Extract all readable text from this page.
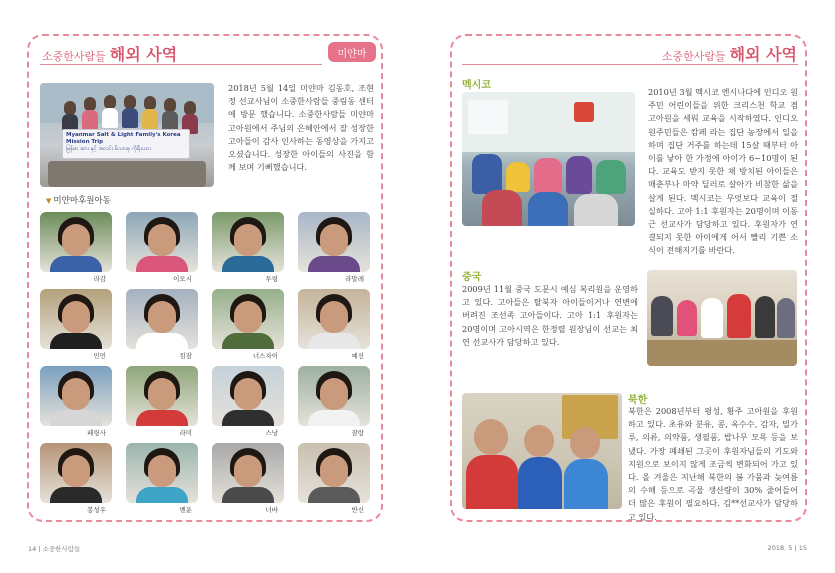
소중한사람들 해외 사역	미얀마
Myanmar Salt & Light Family's Korea Mission Trip
မြန်မာ ဆား နှင့် အလင်း မိသားစု ကိုရီးယား

2018년 5월 14일 미얀마 김동호, 조현정 선교사님이 소중한사람들 중림동 센터에 방문 했습니다. 소중한사람들 미얀마 고아원에서 주님의 은혜안에서 잘 성장한 고아들이 감사 인사하는 동영상을 가지고 오셨습니다. 성장한 아이들의 사진을 함께 보며 기뻐했습니다.

▼ 미얀마후원아동
라감	이모시	투링	라말레
민민	킴잠	너스자이	예선
패링사	라미	스낭	잠랑
봉성우	벤운	너바	반신
14 | 소중한사람들
소중한사람들 해외 사역
멕시코

2010년 3월 멕시코 엔시나다에 인디오 원주민 어린이들을 위한 크리스천 학교 겸 고아원을 세워 교육을 시작하였다. 인디오 원주민들은 캄페 라는 집단 농장에서 일을 하며 집단 거주를 하는데 15살 때부터 아이를 낳아 한 가정에 아이가 6~10명이 된다. 교육도 받지 못한 채 방치된 아이들은 매춘부나 마약 딜러로 살아가 비참한 삶을 살게 된다. 멕시코는 무엇보다 교육이 절실하다. 고아 1:1 후원자는 20명이며 이동근 선교사가 담당하고 있다. 후원자가 연결되지 못한 아이에게 어서 빨리 기쁜 소식이 전해지기를 바란다.

중국

2009년 11월 중국 도문시 예심 복리원을 운영하고 있다. 고아들은 탈북자 아이들이거나 연변에 버려진 조선족 고아들이다. 고아 1:1 후원자는 20명이며 고아시역은 한정렬 원장님이 선교는 최연 선교사가 담당하고 있다.

북한

북한은 2008년부터 평성, 황주 고아원을 후원하고 있다. 초유와 분유, 콩, 옥수수, 감자, 밀가루, 의류, 의약품, 생필품, 밥나무 모목 등을 보냈다. 가장 폐쇄된 그곳이 후원자님들의 기도와 지원으로 보이지 않게 조금씩 변화되어 가고 있다. 올 겨울은 지난해 북한의 봄 가뭄과 늦여름의 수해 등으로 곡물 생산량이 30% 줄어들어 더 많은 후원이 필요하다. 김**선교사가 담당하고 있다.

2018. 5 | 15
